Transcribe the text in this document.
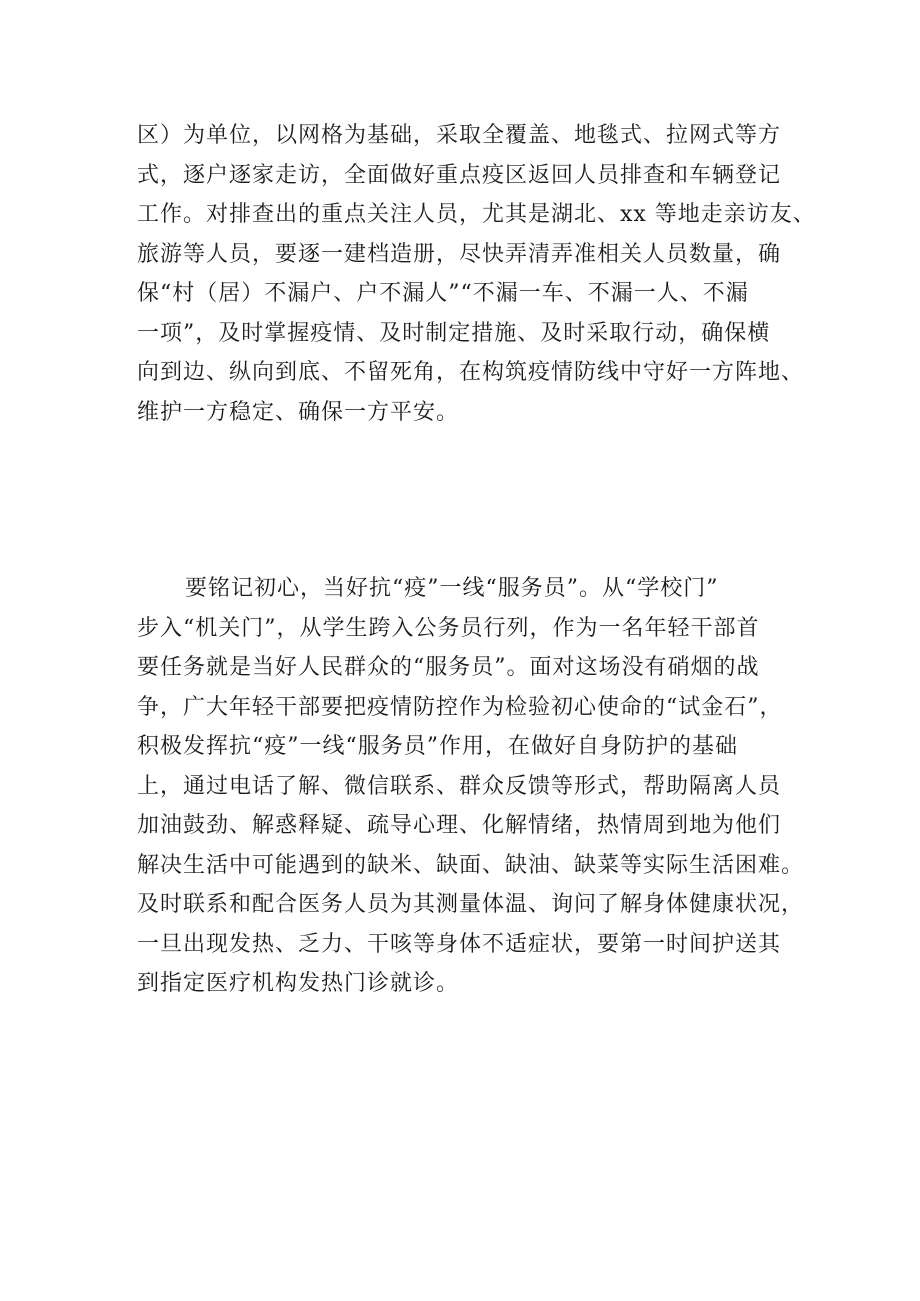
区）为单位，以网格为基础，采取全覆盖、地毯式、拉网式等方
式，逐户逐家走访，全面做好重点疫区返回人员排查和车辆登记
工作。对排查出的重点关注人员，尤其是湖北、xx 等地走亲访友、
旅游等人员，要逐一建档造册，尽快弄清弄准相关人员数量，确
保“村（居）不漏户、户不漏人”“不漏一车、不漏一人、不漏
一项”，及时掌握疫情、及时制定措施、及时采取行动，确保横
向到边、纵向到底、不留死角，在构筑疫情防线中守好一方阵地、
维护一方稳定、确保一方平安。
要铭记初心，当好抗“疫”一线“服务员”。从“学校门”
步入“机关门”，从学生跨入公务员行列，作为一名年轻干部首
要任务就是当好人民群众的“服务员”。面对这场没有硝烟的战
争，广大年轻干部要把疫情防控作为检验初心使命的“试金石”，
积极发挥抗“疫”一线“服务员”作用，在做好自身防护的基础
上，通过电话了解、微信联系、群众反馈等形式，帮助隔离人员
加油鼓劲、解惑释疑、疏导心理、化解情绪，热情周到地为他们
解决生活中可能遇到的缺米、缺面、缺油、缺菜等实际生活困难。
及时联系和配合医务人员为其测量体温、询问了解身体健康状况，
一旦出现发热、乏力、干咳等身体不适症状，要第一时间护送其
到指定医疗机构发热门诊就诊。
